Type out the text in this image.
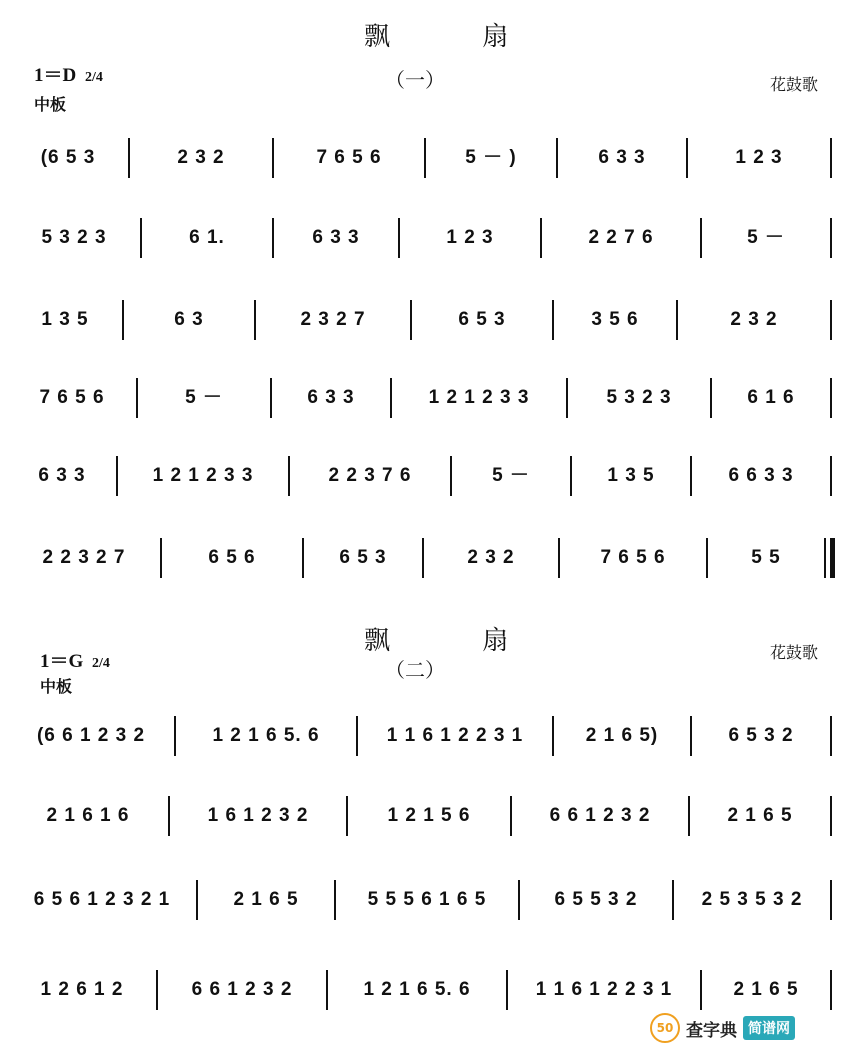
飘 扇
（一）
1＝D 2/4
中板
花鼓歌
(6 5 3	2 3 2	7 6 5 6	5 － )	6 3 3	1 2 3
5 3 2 3	6 1.	6 3 3	1 2 3	2 2 7 6	5 －
1 3 5	6 3	2 3 2 7	6 5 3	3 5 6	2 3 2
7 6 5 6	5 －	6 3 3	1 2 1 2 3 3	5 3 2 3	6 1 6
6 3 3	1 2 1 2 3 3	2 2 3 7 6	5 －	1 3 5	6 6 3 3
2 2 3 2 7	6 5 6	6 5 3	2 3 2	7 6 5 6	5 5
飘 扇
（二）
1＝G 2/4
中板
花鼓歌
(6 6 1 2 3 2	1 2 1 6 5. 6	1 1 6 1 2 2 3 1	2 1 6 5)	6 5 3 2
2 1 6 1 6	1 6 1 2 3 2	1 2 1 5 6	6 6 1 2 3 2	2 1 6 5
6 5 6 1 2 3 2 1	2 1 6 5	5 5 5 6 1 6 5	6 5 5 3 2	2 5 3 5 3 2
1 2 6 1 2	6 6 1 2 3 2	1 2 1 6 5. 6	1 1 6 1 2 2 3 1	2 1 6 5
50 查字典 简谱网
